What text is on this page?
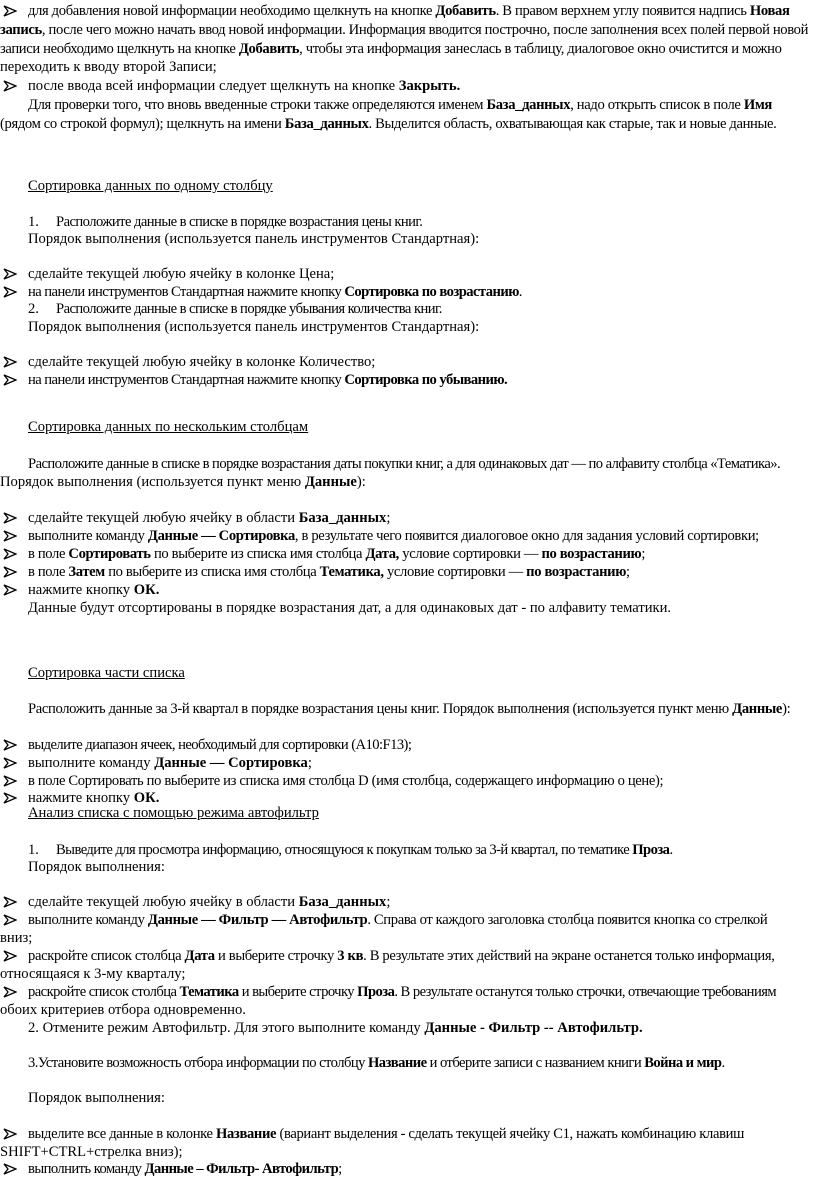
для добавления новой информации необходимо щелкнуть на кнопке Добавить. В правом верхнем углу появится надпись Новая
запись, после чего можно начать ввод новой информации. Информация вводится построчно, после заполнения всех полей первой новой
записи необходимо щелкнуть на кнопке Добавить, чтобы эта информация занеслась в таблицу, диалоговое окно очистится и можно
переходить к вводу второй Записи;
после ввода всей информации следует щелкнуть на кнопке Закрыть.
Для проверки того, что вновь введенные строки также определяются именем База_данных, надо открыть список в поле Имя
(рядом со строкой формул); щелкнуть на имени База_данных. Выделится область, охватывающая как старые, так и новые данные.
Сортировка данных по одному столбцу
1. Расположите данные в списке в порядке возрастания цены книг.
Порядок выполнения (используется панель инструментов Стандартная):
сделайте текущей любую ячейку в колонке Цена;
на панели инструментов Стандартная нажмите кнопку Сортировка по возрастанию.
2. Расположите данные в списке в порядке убывания количества книг.
Порядок выполнения (используется панель инструментов Стандартная):
сделайте текущей любую ячейку в колонке Количество;
на панели инструментов Стандартная нажмите кнопку Сортировка по убыванию.
Сортировка данных по нескольким столбцам
Расположите данные в списке в порядке возрастания даты покупки книг, а для одинаковых дат — по алфавиту столбца «Тематика».
Порядок выполнения (используется пункт меню Данные):
сделайте текущей любую ячейку в области База_данных;
выполните команду Данные — Сортировка, в результате чего появится диалоговое окно для задания условий сортировки;
в поле Сортировать по выберите из списка имя столбца Дата, условие сортировки — по возрастанию;
в поле Затем по выберите из списка имя столбца Тематика, условие сортировки — по возрастанию;
нажмите кнопку ОК.
Данные будут отсортированы в порядке возрастания дат, а для одинаковых дат - по алфавиту тематики.
Сортировка части списка
Расположить данные за 3-й квартал в порядке возрастания цены книг. Порядок выполнения (используется пункт меню Данные):
выделите диапазон ячеек, необходимый для сортировки (A10:F13);
выполните команду Данные — Сортировка;
в поле Сортировать по выберите из списка имя столбца D (имя столбца, содержащего информацию о цене);
нажмите кнопку ОК.
Анализ списка с помощью режима автофильтр
1. Выведите для просмотра информацию, относящуюся к покупкам только за 3-й квартал, по тематике Проза.
Порядок выполнения:
сделайте текущей любую ячейку в области База_данных;
выполните команду Данные — Фильтр — Автофильтр. Справа от каждого заголовка столбца появится кнопка со стрелкой
вниз;
раскройте список столбца Дата и выберите строчку 3 кв. В результате этих действий на экране останется только информация,
относящаяся к 3-му кварталу;
раскройте список столбца Тематика и выберите строчку Проза. В результате останутся только строчки, отвечающие требованиям
обоих критериев отбора одновременно.
2. Отмените режим Автофильтр. Для этого выполните команду Данные - Фильтр -- Автофильтр.
3.Установите возможность отбора информации по столбцу Название и отберите записи с названием книги Война и мир.
Порядок выполнения:
выделите все данные в колонке Название (вариант выделения - сделать текущей ячейку С1, нажать комбинацию клавиш
SHIFT+CTRL+стрелка вниз);
выполнить команду Данные – Фильтр- Автофильтр;
